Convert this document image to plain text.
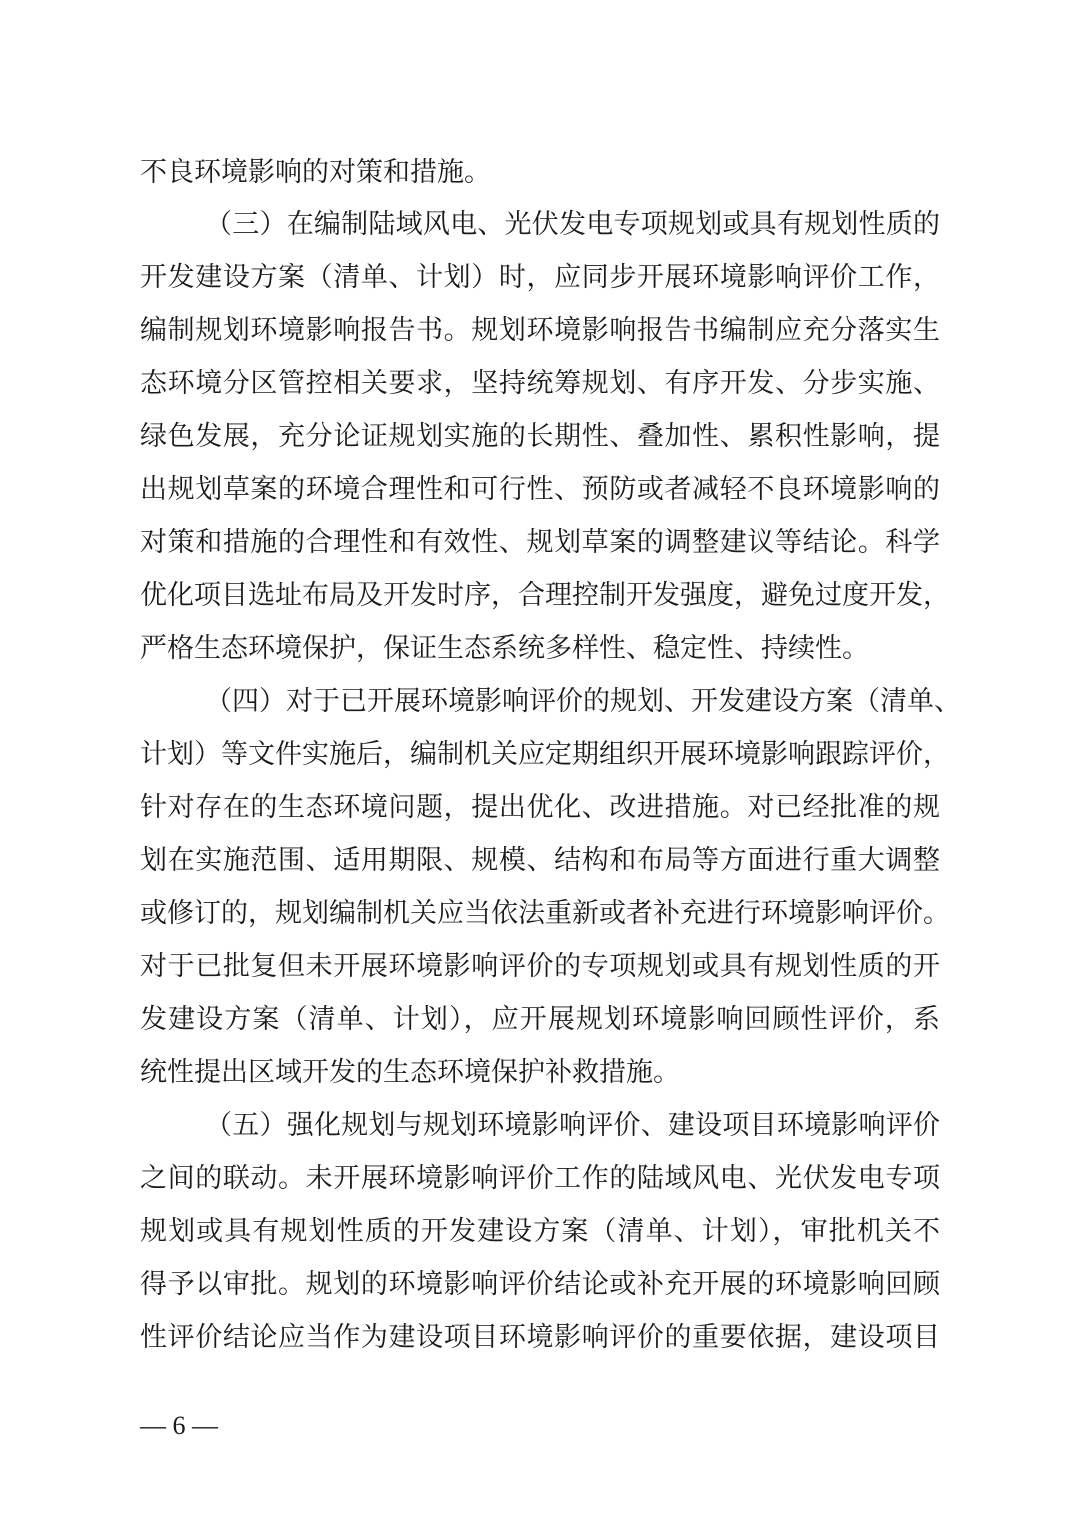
不良环境影响的对策和措施。
（三）在编制陆域风电、光伏发电专项规划或具有规划性质的
开发建设方案（清单、计划）时，应同步开展环境影响评价工作，
编制规划环境影响报告书。规划环境影响报告书编制应充分落实生
态环境分区管控相关要求，坚持统筹规划、有序开发、分步实施、
绿色发展，充分论证规划实施的长期性、叠加性、累积性影响，提
出规划草案的环境合理性和可行性、预防或者减轻不良环境影响的
对策和措施的合理性和有效性、规划草案的调整建议等结论。科学
优化项目选址布局及开发时序，合理控制开发强度，避免过度开发，
严格生态环境保护，保证生态系统多样性、稳定性、持续性。
（四）对于已开展环境影响评价的规划、开发建设方案（清单、
计划）等文件实施后，编制机关应定期组织开展环境影响跟踪评价，
针对存在的生态环境问题，提出优化、改进措施。对已经批准的规
划在实施范围、适用期限、规模、结构和布局等方面进行重大调整
或修订的，规划编制机关应当依法重新或者补充进行环境影响评价。
对于已批复但未开展环境影响评价的专项规划或具有规划性质的开
发建设方案（清单、计划），应开展规划环境影响回顾性评价，系
统性提出区域开发的生态环境保护补救措施。
（五）强化规划与规划环境影响评价、建设项目环境影响评价
之间的联动。未开展环境影响评价工作的陆域风电、光伏发电专项
规划或具有规划性质的开发建设方案（清单、计划），审批机关不
得予以审批。规划的环境影响评价结论或补充开展的环境影响回顾
性评价结论应当作为建设项目环境影响评价的重要依据，建设项目
— 6 —
